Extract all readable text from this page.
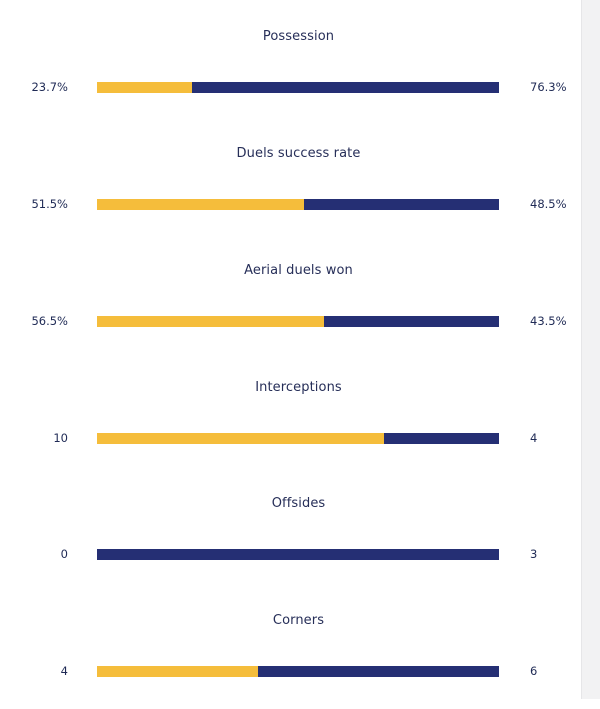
Possession
23.7%	76.3%
Duels success rate
51.5%	48.5%
Aerial duels won
56.5%	43.5%
Interceptions
10	4
Offsides
0	3
Corners
4	6
